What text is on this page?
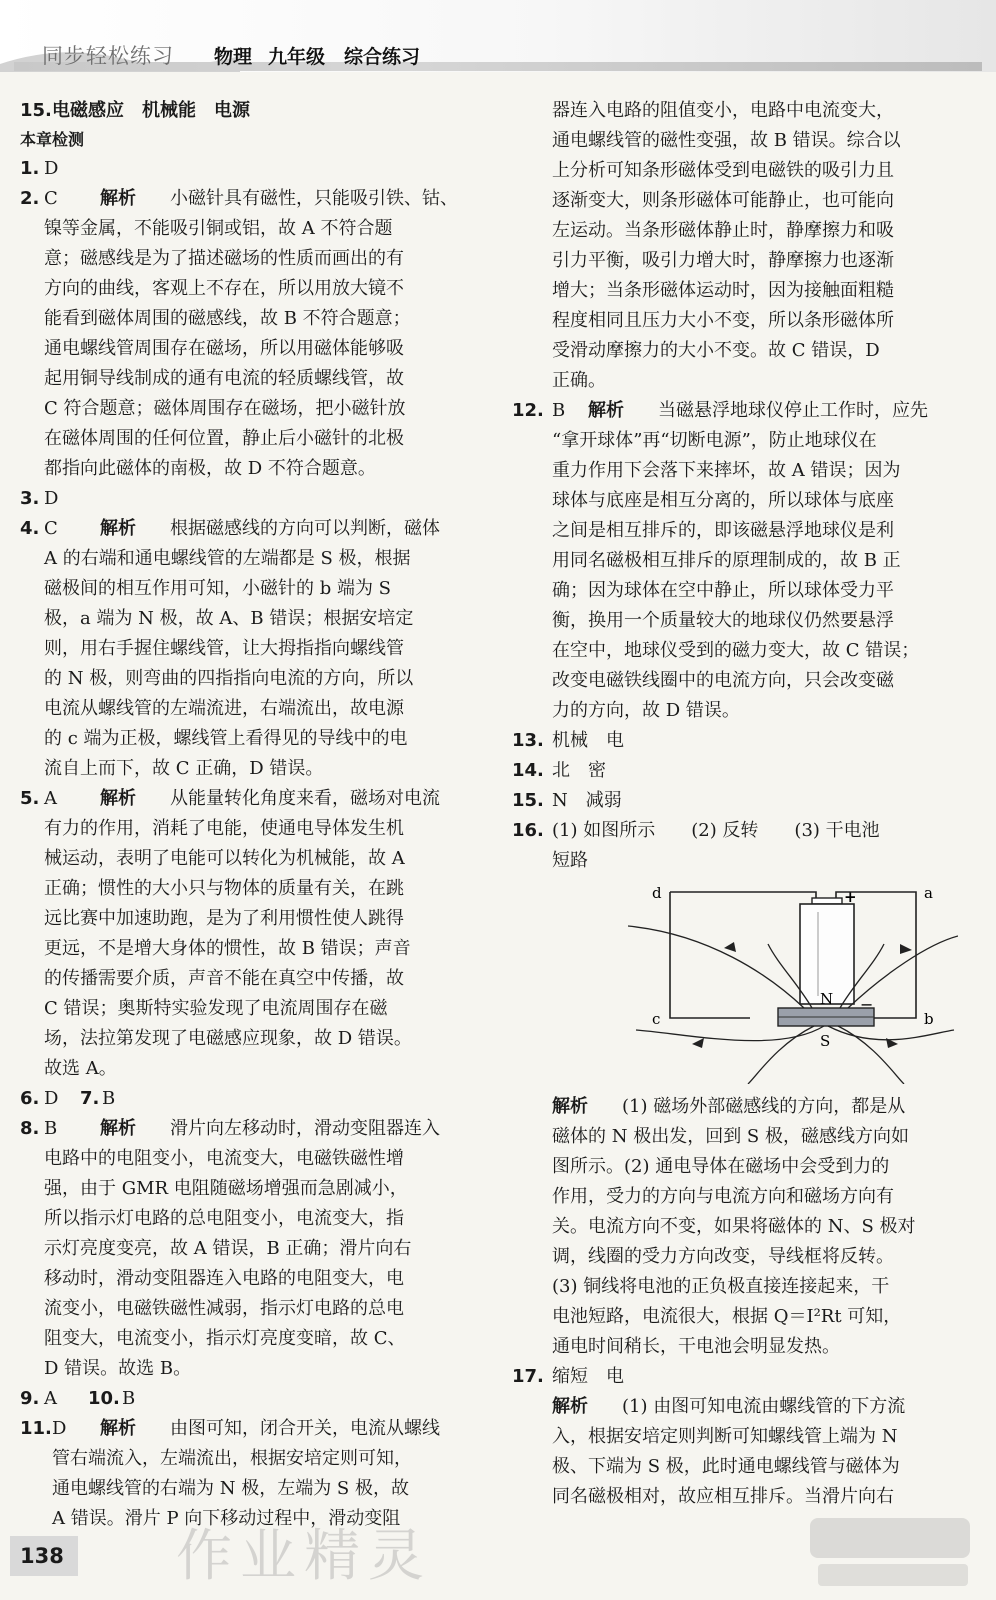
同步轻松练习 物理 九年级 综合练习
15. 电磁感应　机械能　电源
本章检测
1. D
2. C	解析	小磁针具有磁性，只能吸引铁、钴、
镍等金属，不能吸引铜或铝，故 A 不符合题
意；磁感线是为了描述磁场的性质而画出的有
方向的曲线，客观上不存在，所以用放大镜不
能看到磁体周围的磁感线，故 B 不符合题意；
通电螺线管周围存在磁场，所以用磁体能够吸
起用铜导线制成的通有电流的轻质螺线管，故
C 符合题意；磁体周围存在磁场，把小磁针放
在磁体周围的任何位置，静止后小磁针的北极
都指向此磁体的南极，故 D 不符合题意。
3. D
4. C	解析	根据磁感线的方向可以判断，磁体
A 的右端和通电螺线管的左端都是 S 极，根据
磁极间的相互作用可知，小磁针的 b 端为 S
极，a 端为 N 极，故 A、B 错误；根据安培定
则，用右手握住螺线管，让大拇指指向螺线管
的 N 极，则弯曲的四指指向电流的方向，所以
电流从螺线管的左端流进，右端流出，故电源
的 c 端为正极，螺线管上看得见的导线中的电
流自上而下，故 C 正确，D 错误。
5. A	解析	从能量转化角度来看，磁场对电流
有力的作用，消耗了电能，使通电导体发生机
械运动，表明了电能可以转化为机械能，故 A
正确；惯性的大小只与物体的质量有关，在跳
远比赛中加速助跑，是为了利用惯性使人跳得
更远，不是增大身体的惯性，故 B 错误；声音
的传播需要介质，声音不能在真空中传播，故
C 错误；奥斯特实验发现了电流周围存在磁
场，法拉第发现了电磁感应现象，故 D 错误。
故选 A。
6. D	7. B
8. B	解析	滑片向左移动时，滑动变阻器连入
电路中的电阻变小，电流变大，电磁铁磁性增
强，由于 GMR 电阻随磁场增强而急剧减小，
所以指示灯电路的总电阻变小，电流变大，指
示灯亮度变亮，故 A 错误，B 正确；滑片向右
移动时，滑动变阻器连入电路的电阻变大，电
流变小，电磁铁磁性减弱，指示灯电路的总电
阻变大，电流变小，指示灯亮度变暗，故 C、
D 错误。故选 B。
9. A	10. B
11. D	解析	由图可知，闭合开关，电流从螺线
管右端流入，左端流出，根据安培定则可知，
通电螺线管的右端为 N 极，左端为 S 极，故
A 错误。滑片 P 向下移动过程中，滑动变阻
器连入电路的阻值变小，电路中电流变大，
通电螺线管的磁性变强，故 B 错误。综合以
上分析可知条形磁体受到电磁铁的吸引力且
逐渐变大，则条形磁体可能静止，也可能向
左运动。当条形磁体静止时，静摩擦力和吸
引力平衡，吸引力增大时，静摩擦力也逐渐
增大；当条形磁体运动时，因为接触面粗糙
程度相同且压力大小不变，所以条形磁体所
受滑动摩擦力的大小不变。故 C 错误，D
正确。
12. B	解析	当磁悬浮地球仪停止工作时，应先
“拿开球体”再“切断电源”，防止地球仪在
重力作用下会落下来摔坏，故 A 错误；因为
球体与底座是相互分离的，所以球体与底座
之间是相互排斥的，即该磁悬浮地球仪是利
用同名磁极相互排斥的原理制成的，故 B 正
确；因为球体在空中静止，所以球体受力平
衡，换用一个质量较大的地球仪仍然要悬浮
在空中，地球仪受到的磁力变大，故 C 错误；
改变电磁铁线圈中的电流方向，只会改变磁
力的方向，故 D 错误。
13. 机械　电
14. 北　密
15. N　减弱
16. (1) 如图所示　　(2) 反转　　(3) 干电池
短路
d	a
c	b
+
−
N
S
解析	(1) 磁场外部磁感线的方向，都是从
磁体的 N 极出发，回到 S 极，磁感线方向如
图所示。(2) 通电导体在磁场中会受到力的
作用，受力的方向与电流方向和磁场方向有
关。电流方向不变，如果将磁体的 N、S 极对
调，线圈的受力方向改变，导线框将反转。
(3) 铜线将电池的正负极直接连接起来，干
电池短路，电流很大，根据 Q＝I²Rt 可知，
通电时间稍长，干电池会明显发热。
17. 缩短　电
解析	(1) 由图可知电流由螺线管的下方流
入，根据安培定则判断可知螺线管上端为 N
极、下端为 S 极，此时通电螺线管与磁体为
同名磁极相对，故应相互排斥。当滑片向右
138 作业精灵
